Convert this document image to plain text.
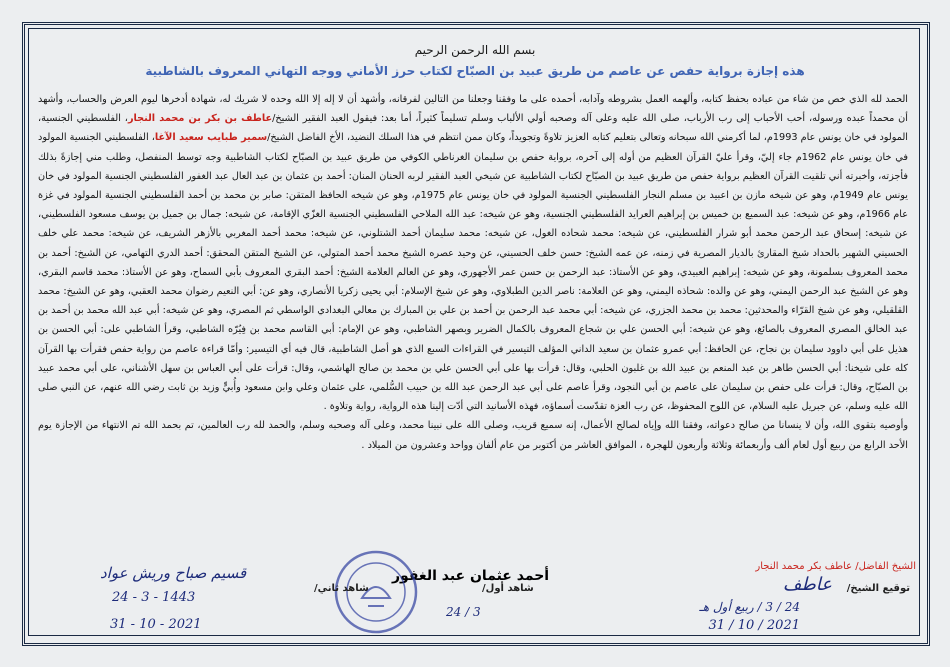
بسم الله الرحمن الرحيم
هذه إجازة برواية حفص عن عاصم من طريق عبيد بن الصبّاح لكتاب حرز الأماني ووجه التهاني المعروف بالشاطبية

الحمد لله الذي خص من شاء من عباده بحفظ كتابه، وألهمه العمل بشروطه وآدابه، أحمده على ما وفقنا وجعلنا من التالين لفرقانه، وأشهد أن لا إله إلا الله وحده لا شريك له، شهادة أدخرها ليوم العرض والحساب، وأشهد أن محمداً عبده ورسوله، أحب الأحباب إلى رب الأرباب، صلى الله عليه وعلى آله وصحبه أولي الألباب وسلم تسليماً كثيراً، أما بعد: فيقول العبد الفقير الشيخ/عاطف بن بكر بن محمد النجار، الفلسطيني الجنسية، المولود في خان يونس عام 1993م، لما أكرمني الله سبحانه وتعالى بتعليم كتابه العزيز تلاوةً وتجويداً، وكان ممن انتظم في هذا السلك النضيد، الأخ الفاضل الشيخ/سمير طبايب سعيد الآغا، الفلسطيني الجنسية المولود في خان يونس عام 1962م جاء إليّ، وقرأ عليّ القرآن العظيم من أوله إلى آخره، برواية حفص بن سليمان الغرناطي الكوفي من طريق عبيد بن الصبّاح لكتاب الشاطبية وجه توسط المنفصل، وطلب مني إجازةً بذلك فأجزته، وأخبرته أني تلقيت القرآن العظيم برواية حفص من طريق عبيد بن الصبّاح لكتاب الشاطبية عن شيخي العبد الفقير لربه الحنان المنان: أحمد بن عثمان بن عبد العال عبد الغفور الفلسطيني الجنسية المولود في خان يونس عام 1949م، وهو عن شيخه مازن بن اعبيد بن مسلم النجار الفلسطيني الجنسية المولود في خان يونس عام 1975م، وهو عن شيخه الحافظ المتقن: صابر بن محمد بن أحمد الفلسطيني الجنسية المولود في غزة عام 1966م، وهو عن شيخه: عبد السميع بن خميس بن إبراهيم العرايد الفلسطيني الجنسية، وهو عن شيخه: عبد الله الملاحي الفلسطيني الجنسية الغزّي الإقامة، عن شيخه: جمال بن جميل بن يوسف مسعود الفلسطيني، عن شيخه: إسحاق عبد الرحمن محمد أبو شرار الفلسطيني، عن شيخه: محمد شحاده الغول، عن شيخه: محمد سليمان أحمد الشتلوني، عن شيخه: محمد أحمد المغربي بالأزهر الشريف، عن شيخه: محمد علي خلف الحسيني الشهير بالحداد شيخ المقارئ بالديار المصرية في زمنه، عن عمه الشيخ: حسن خلف الحسيني، عن وحيد عصره الشيخ محمد أحمد المتولي، عن الشيخ المتقن المحقق: أحمد الدري التهامي، عن الشيخ: أحمد بن محمد المعروف بسلمونة، وهو عن شيخه: إبراهيم العبيدي، وهو عن الأستاذ: عبد الرحمن بن حسن عمر الأجهوري، وهو عن العالم العلامة الشيخ: أحمد البقري المعروف بأبي السماح، وهو عن الأستاذ: محمد قاسم البقري، وهو عن الشيخ عبد الرحمن اليمني، وهو عن والده: شحاذه اليمني، وهو عن العلامة: ناصر الدين الطبلاوي، وهو عن شيخ الإسلام: أبي يحيى زكريا الأنصاري، وهو عن: أبي النعيم رضوان محمد العقبي، وهو عن الشيخ: محمد القلقيلي، وهو عن شيخ القرّاء والمحدثين: محمد بن محمد الجزري، عن شيخه: أبي محمد عبد الرحمن بن أحمد بن علي بن المبارك بن معالي البغدادي الواسطي ثم المصري، وهو عن شيخه: أبي عبد الله محمد بن أحمد بن عبد الخالق المصري المعروف بالصائغ، وهو عن شيخه: أبي الحسن علي بن شجاع المعروف بالكمال الضرير وبصهر الشاطبي، وهو عن الإمام: أبي القاسم محمد بن فِيُرّه الشاطبي، وقرأ الشاطبي على: أبي الحسن بن هذيل على أبي داوود سليمان بن نجاح، عن الحافظ: أبي عمرو عثمان بن سعيد الداني المؤلف التيسير في القراءات السبع الذي هو أصل الشاطبية، قال فيه أي التيسير: وأمّا قراءة عاصم من رواية حفص فقرأت بها القرآن كله على شيخنا: أبي الحسن طاهر بن عبد المنعم بن عبيد الله بن غلبون الحلبي، وقال: قرأت بها على أبي الحسن علي بن محمد بن صالح الهاشمي، وقال: قرأت على أبي العباس بن سهل الأشناني، على أبي محمد عبيد بن الصبّاح، وقال: قرأت على حفص بن سليمان على عاصم بن أبي النجود، وقرأ عاصم على أبي عبد الرحمن عبد الله بن حبيب السُّلمي، على عثمان وعلي وابن مسعود وأُبيٍّ وزيد بن ثابت رضي الله عنهم، عن النبي صلى الله عليه وسلم، عن جبريل عليه السلام، عن اللوح المحفوظ، عن رب العزة تقدّست أسماؤه، فهذه الأسانيد التي أدّت إلينا هذه الرواية، رواية وتلاوة .

وأوصيه بتقوى الله، وأن لا ينسانا من صالح دعواته، وفقنا الله وإياه لصالح الأعمال، إنه سميع قريب، وصلى الله على نبينا محمد، وعلى آله وصحبه وسلم، والحمد لله رب العالمين، تم بحمد الله تم الانتهاء من الإجازة يوم الأحد الرابع من ربيع أول لعام ألف وأربعمائة وثلاثة وأربعون للهجرة ، الموافق العاشر من أكتوبر من عام ألفان وواحد وعشرون من الميلاد .

الشيخ الفاضل/ عاطف بكر محمد النجار
توقيع الشيخ/
عاطف
24 / 3 / ربيع أول هـ
2021 / 10 / 31
شاهد أول/
أحمد عثمان عبد الغفور
3 / 24
شاهد ثاني/
قسيم صباح وريش عواد
1443 - 3 - 24
2021 - 10 - 31
